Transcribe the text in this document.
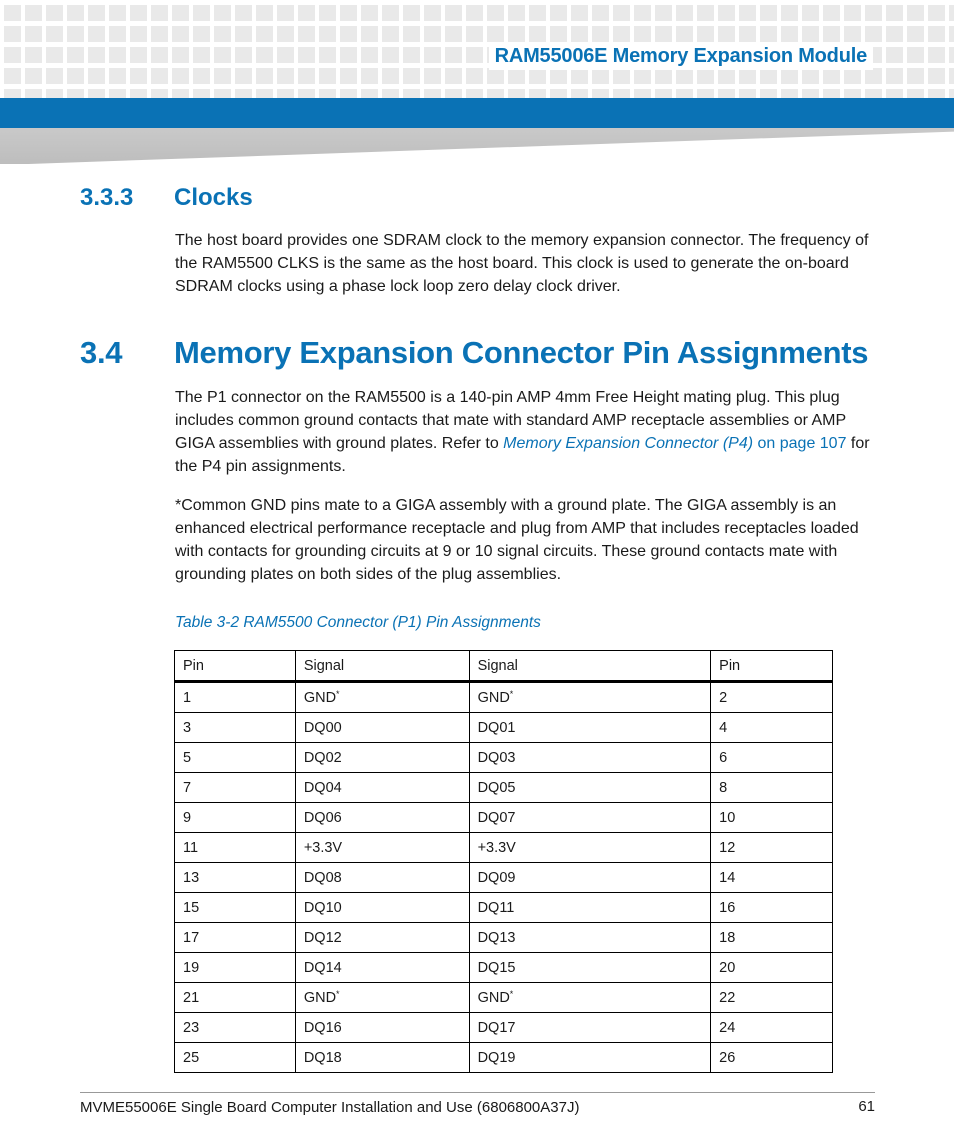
RAM55006E Memory Expansion Module
3.3.3 Clocks
The host board provides one SDRAM clock to the memory expansion connector. The frequency of the RAM5500 CLKS is the same as the host board. This clock is used to generate the on-board SDRAM clocks using a phase lock loop zero delay clock driver.
3.4 Memory Expansion Connector Pin Assignments
The P1 connector on the RAM5500 is a 140-pin AMP 4mm Free Height mating plug. This plug includes common ground contacts that mate with standard AMP receptacle assemblies or AMP GIGA assemblies with ground plates. Refer to Memory Expansion Connector (P4) on page 107 for the P4 pin assignments.
*Common GND pins mate to a GIGA assembly with a ground plate. The GIGA assembly is an enhanced electrical performance receptacle and plug from AMP that includes receptacles loaded with contacts for grounding circuits at 9 or 10 signal circuits. These ground contacts mate with grounding plates on both sides of the plug assemblies.
Table 3-2 RAM5500 Connector (P1) Pin Assignments
Pin	Signal	Signal	Pin
1	GND*	GND*	2
3	DQ00	DQ01	4
5	DQ02	DQ03	6
7	DQ04	DQ05	8
9	DQ06	DQ07	10
11	+3.3V	+3.3V	12
13	DQ08	DQ09	14
15	DQ10	DQ11	16
17	DQ12	DQ13	18
19	DQ14	DQ15	20
21	GND*	GND*	22
23	DQ16	DQ17	24
25	DQ18	DQ19	26
MVME55006E Single Board Computer Installation and Use (6806800A37J)	61
